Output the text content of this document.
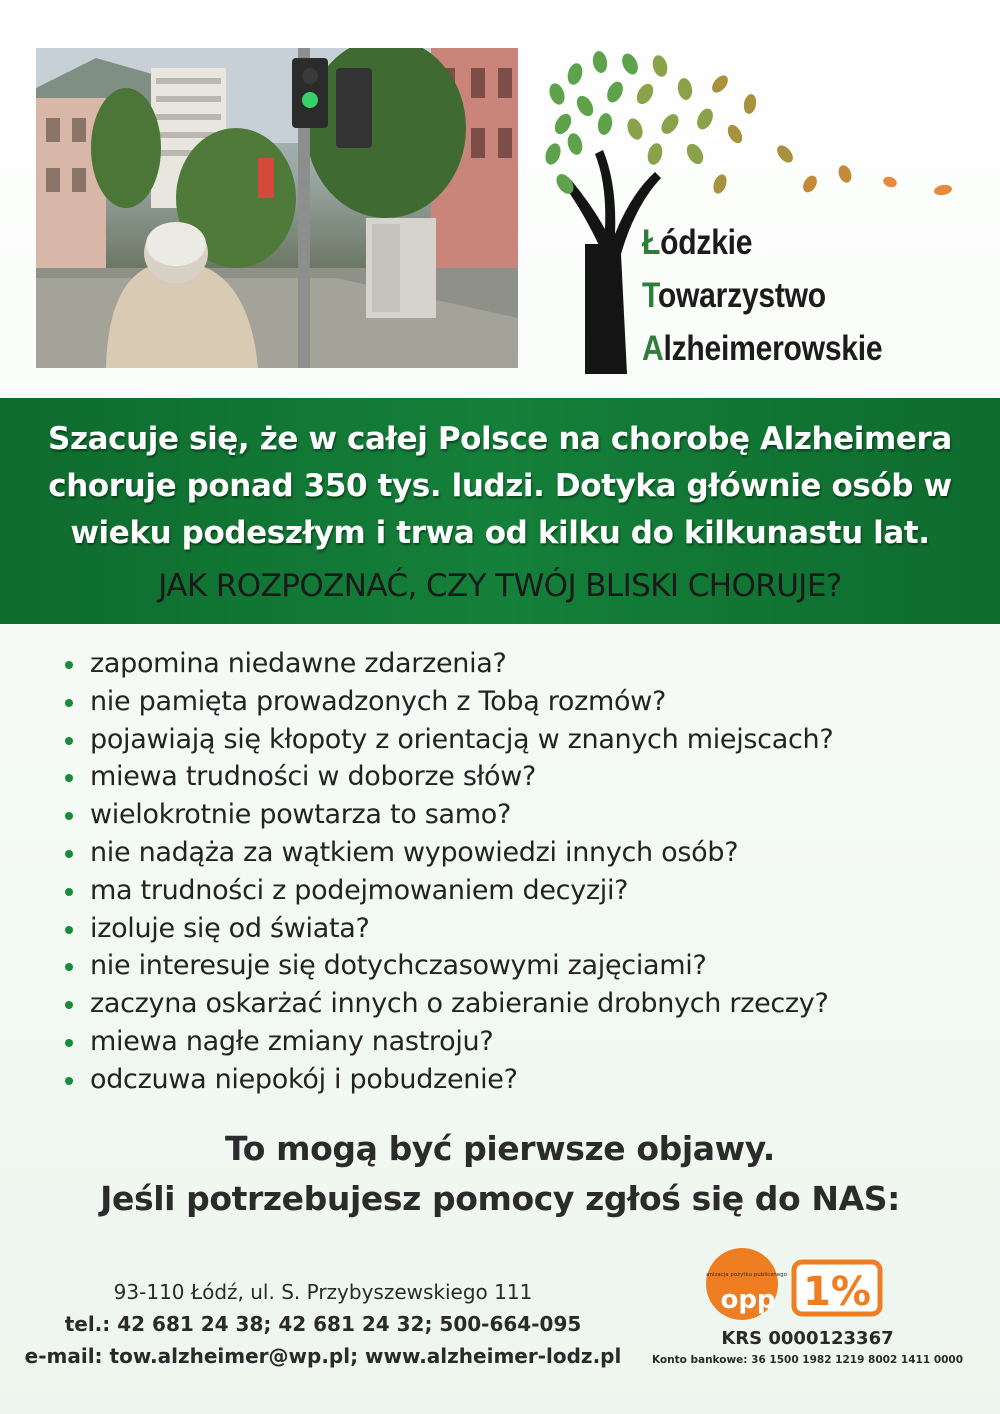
Łódzkie
Towarzystwo
Alzheimerowskie
Szacuje się, że w całej Polsce na chorobę Alzheimera choruje ponad 350 tys. ludzi. Dotyka głównie osób w wieku podeszłym i trwa od kilku do kilkunastu lat.
JAK ROZPOZNAĆ, CZY TWÓJ BLISKI CHORUJE?
zapomina niedawne zdarzenia?
nie pamięta prowadzonych z Tobą rozmów?
pojawiają się kłopoty z orientacją w znanych miejscach?
miewa trudności w doborze słów?
wielokrotnie powtarza to samo?
nie nadąża za wątkiem wypowiedzi innych osób?
ma trudności z podejmowaniem decyzji?
izoluje się od świata?
nie interesuje się dotychczasowymi zajęciami?
zaczyna oskarżać innych o zabieranie drobnych rzeczy?
miewa nagłe zmiany nastroju?
odczuwa niepokój i pobudzenie?
To mogą być pierwsze objawy.
Jeśli potrzebujesz pomocy zgłoś się do NAS:
93-110 Łódź, ul. S. Przybyszewskiego 111
tel.: 42 681 24 38; 42 681 24 32; 500-664-095
e-mail: tow.alzheimer@wp.pl; www.alzheimer-lodz.pl
organizacja pożytku publicznego
opp 1%
KRS 0000123367
Konto bankowe: 36 1500 1982 1219 8002 1411 0000
